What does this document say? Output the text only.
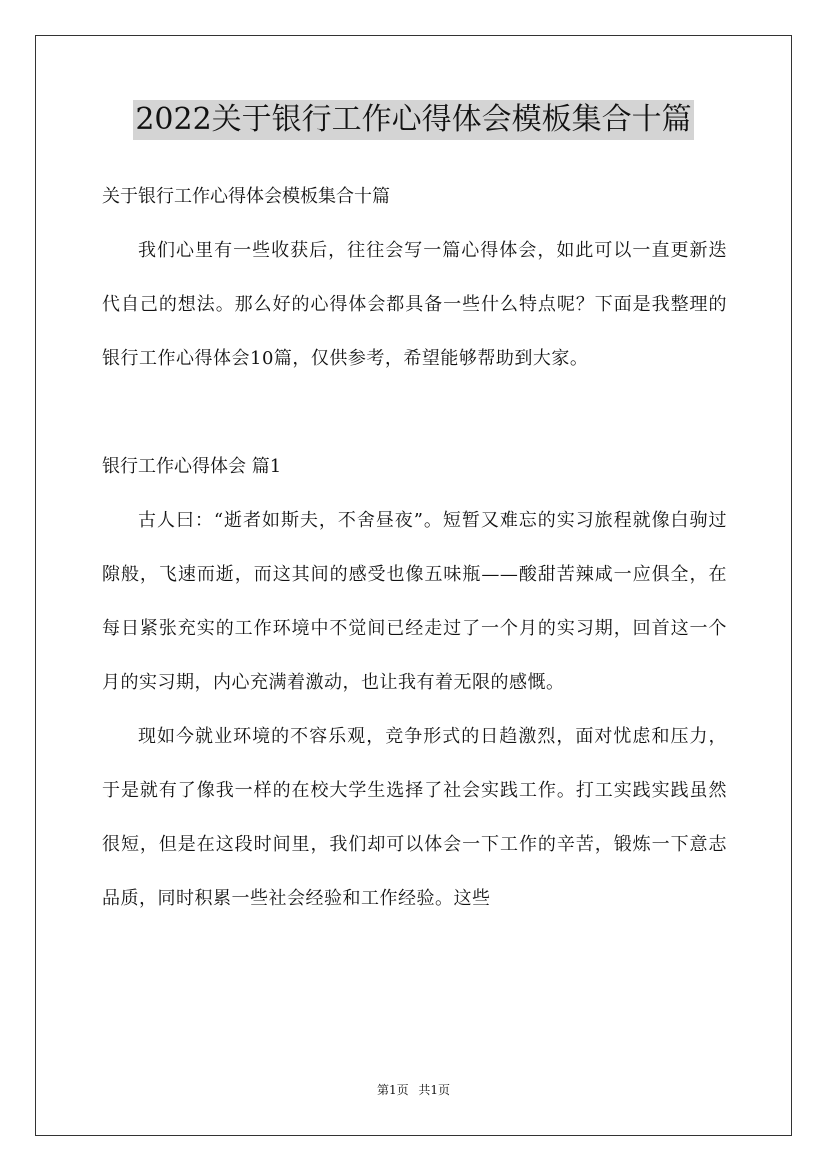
2022关于银行工作心得体会模板集合十篇

关于银行工作心得体会模板集合十篇

我们心里有一些收获后，往往会写一篇心得体会，如此可以一直更新迭代自己的想法。那么好的心得体会都具备一些什么特点呢？下面是我整理的银行工作心得体会10篇，仅供参考，希望能够帮助到大家。

银行工作心得体会 篇1

古人曰：“逝者如斯夫，不舍昼夜”。短暂又难忘的实习旅程就像白驹过隙般，飞速而逝，而这其间的感受也像五味瓶——酸甜苦辣咸一应俱全，在每日紧张充实的工作环境中不觉间已经走过了一个月的实习期，回首这一个月的实习期，内心充满着激动，也让我有着无限的感慨。

现如今就业环境的不容乐观，竞争形式的日趋激烈，面对忧虑和压力，于是就有了像我一样的在校大学生选择了社会实践工作。打工实践实践虽然很短，但是在这段时间里，我们却可以体会一下工作的辛苦，锻炼一下意志品质，同时积累一些社会经验和工作经验。这些

第1页 共1页
